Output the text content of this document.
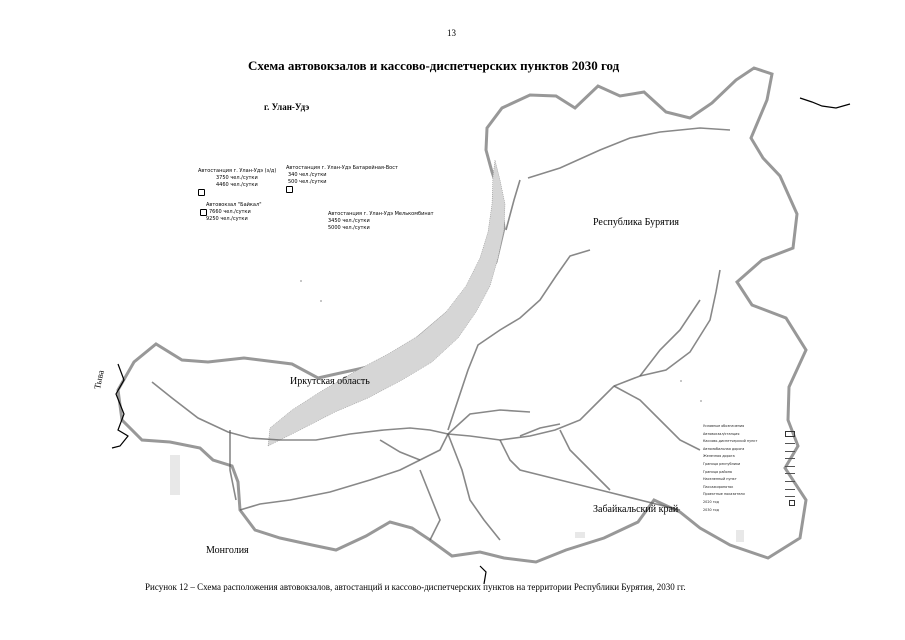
13
Схема автовокзалов и кассово-диспетчерских пунктов 2030 год
г. Улан-Удэ
Автостанция г. Улан-Удэ (з/д)
3750 чел./сутки
4460 чел./сутки
Автостанция г. Улан-Удэ Батарейная-Вост
340 чел./сутки
500 чел./сутки
Автовокзал "Байкал"
7660 чел./сутки
9250 чел./сутки
Автостанция г. Улан-Удэ Мелькомбинат
3450 чел./сутки
5000 чел./сутки	Республика Бурятия
Иркутская область
Забайкальский край
Монголия
Тыва
Условные обозначения
Автовокзал/станция
Кассово-диспетчерский пункт
Автомобильная дорога
Железная дорога
Граница республики
Граница района
Населенный пункт
Пассажиропоток
Проектные показатели
2020 год
2030 год
Рисунок 12 – Схема расположения автовокзалов, автостанций и кассово-диспетчерских пунктов на территории Республики Бурятия, 2030 гг.
